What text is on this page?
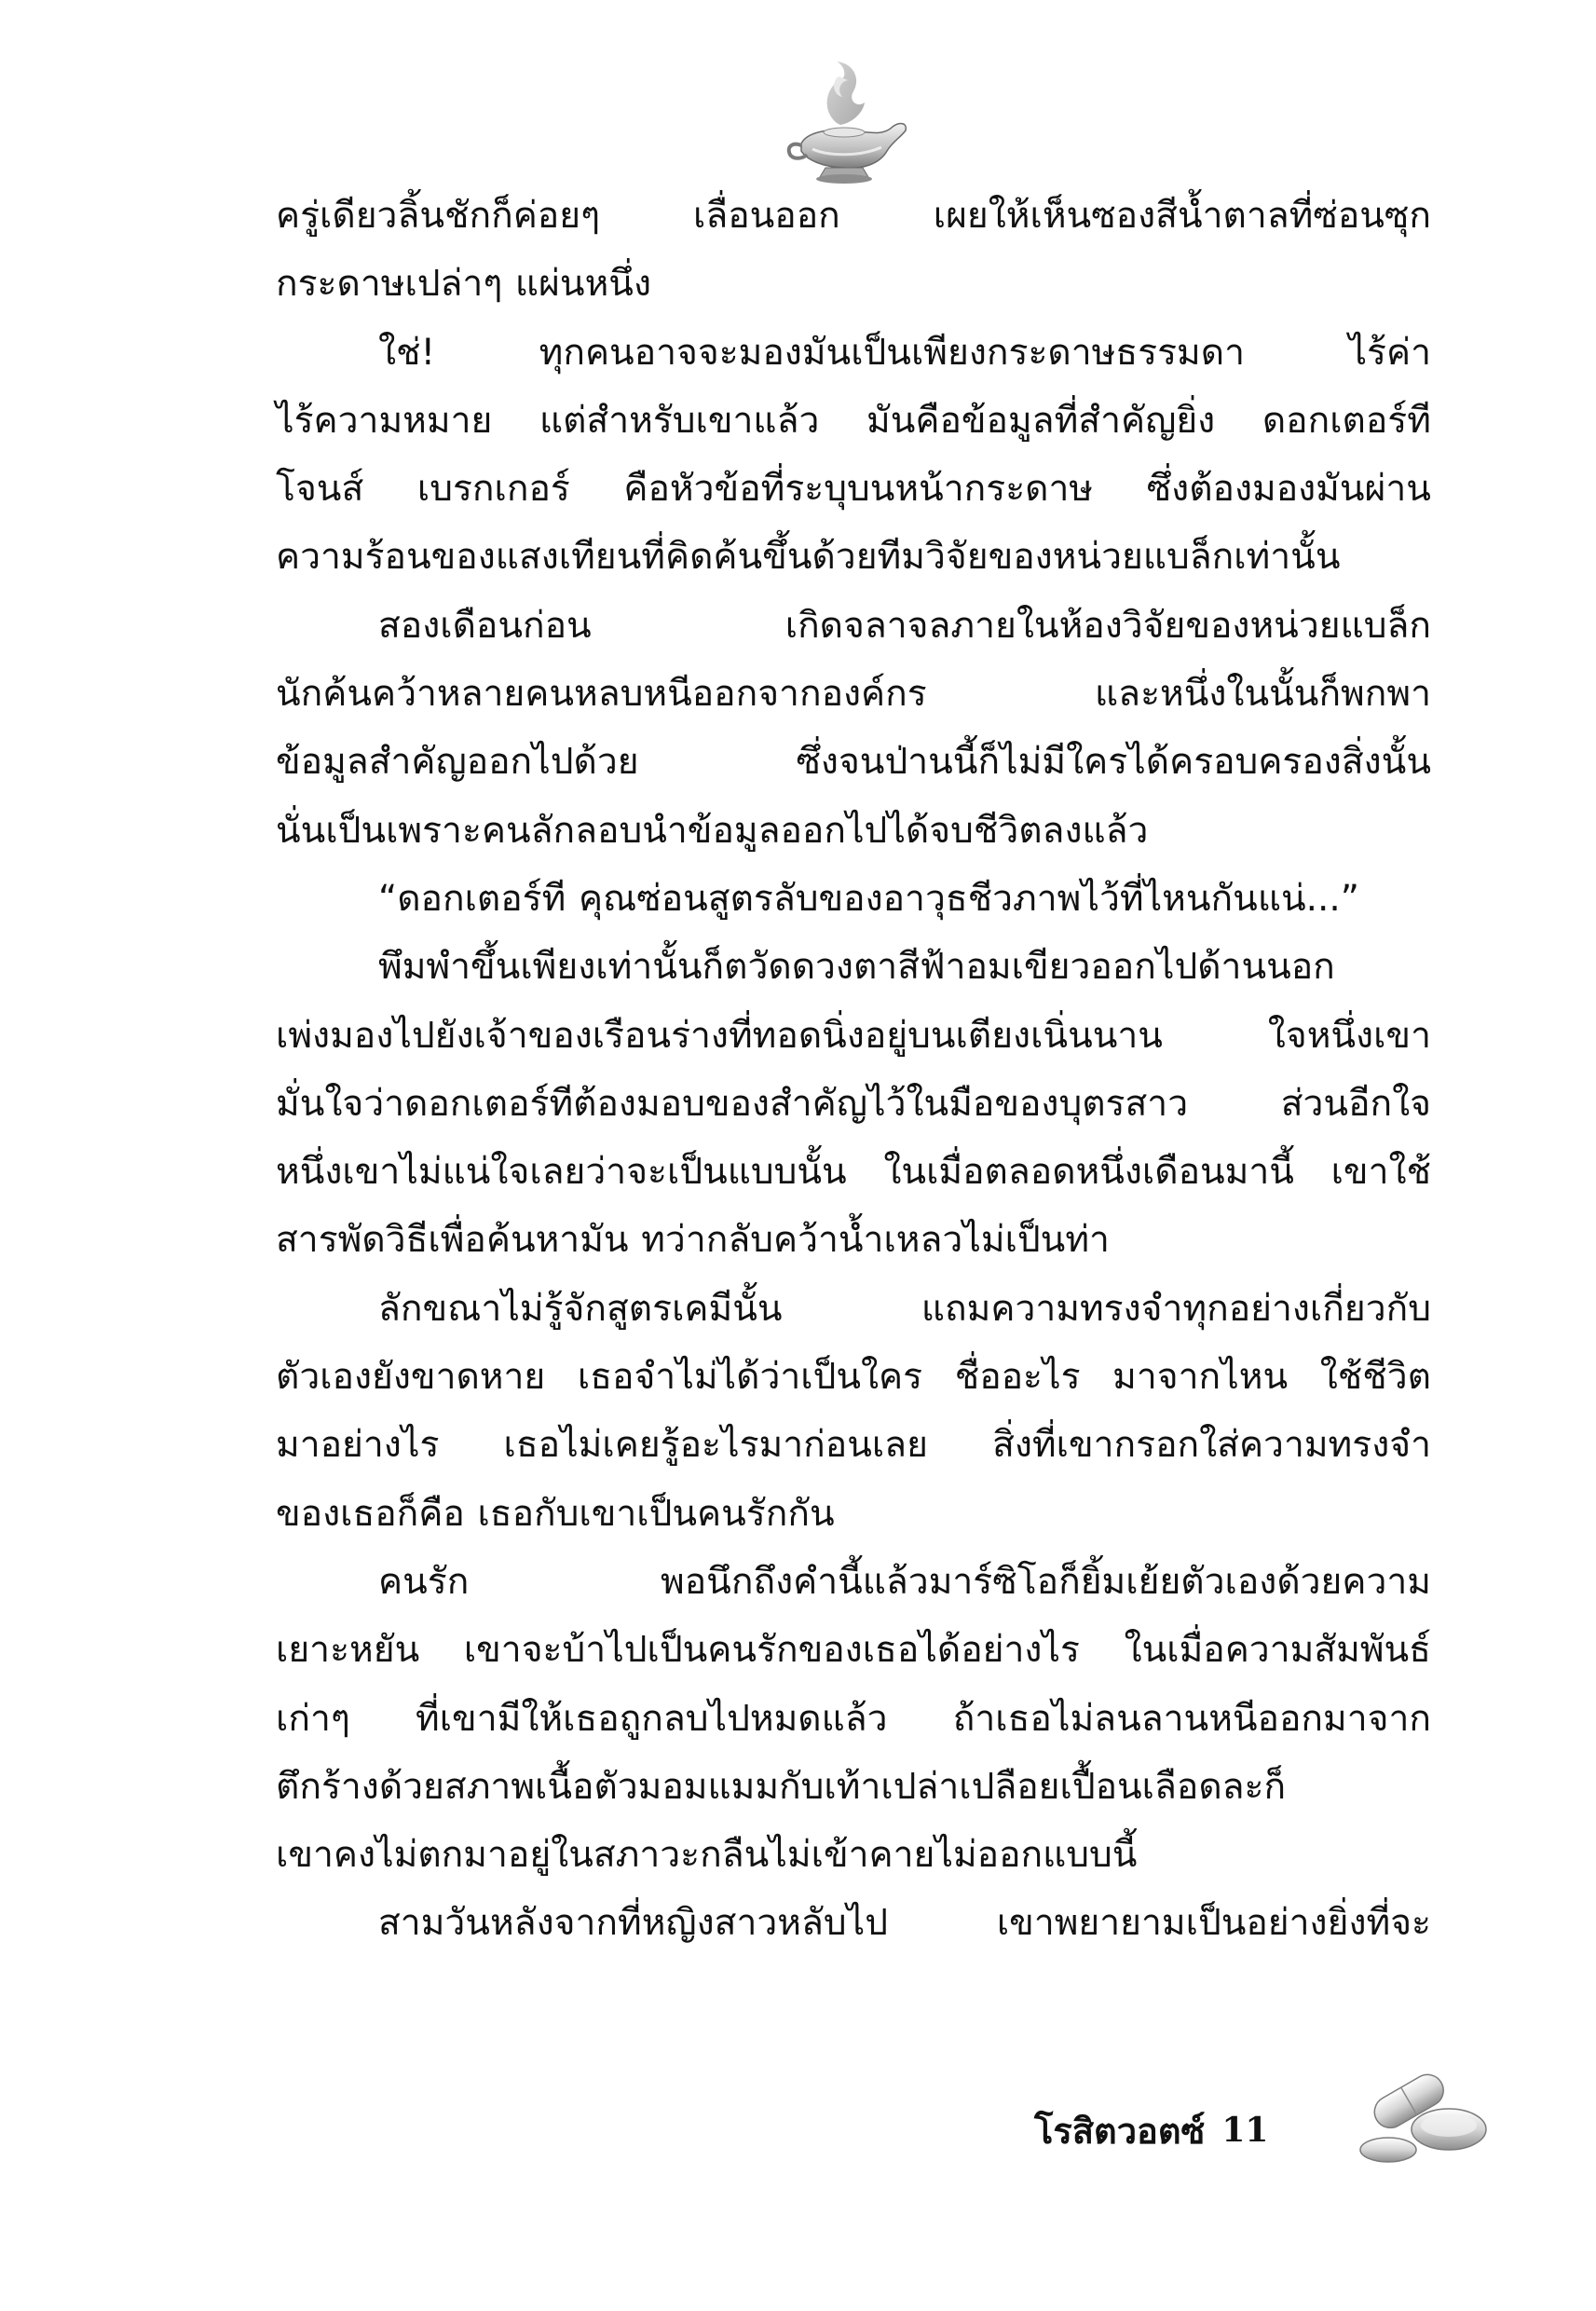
ครู่เดียวลิ้นชักก็ค่อยๆ	เลื่อนออก	เผยให้เห็นซองสีน้ำตาลที่ซ่อนซุก
กระดาษเปล่าๆ แผ่นหนึ่ง
ใช่!	ทุกคนอาจจะมองมันเป็นเพียงกระดาษธรรมดา	ไร้ค่า
ไร้ความหมาย แต่สำหรับเขาแล้ว มันคือข้อมูลที่สำคัญยิ่ง ดอกเตอร์ที
โจนส์ เบรกเกอร์ คือหัวข้อที่ระบุบนหน้ากระดาษ ซึ่งต้องมองมันผ่าน
ความร้อนของแสงเทียนที่คิดค้นขึ้นด้วยทีมวิจัยของหน่วยแบล็กเท่านั้น
สองเดือนก่อน	เกิดจลาจลภายในห้องวิจัยของหน่วยแบล็ก
นักค้นคว้าหลายคนหลบหนีออกจากองค์กร	และหนึ่งในนั้นก็พกพา
ข้อมูลสำคัญออกไปด้วย	ซึ่งจนป่านนี้ก็ไม่มีใครได้ครอบครองสิ่งนั้น
นั่นเป็นเพราะคนลักลอบนำข้อมูลออกไปได้จบชีวิตลงแล้ว
“ดอกเตอร์ที คุณซ่อนสูตรลับของอาวุธชีวภาพไว้ที่ไหนกันแน่...”
พึมพำขึ้นเพียงเท่านั้นก็ตวัดดวงตาสีฟ้าอมเขียวออกไปด้านนอก
เพ่งมองไปยังเจ้าของเรือนร่างที่ทอดนิ่งอยู่บนเตียงเนิ่นนาน	ใจหนึ่งเขา
มั่นใจว่าดอกเตอร์ทีต้องมอบของสำคัญไว้ในมือของบุตรสาว	ส่วนอีกใจ
หนึ่งเขาไม่แน่ใจเลยว่าจะเป็นแบบนั้น ในเมื่อตลอดหนึ่งเดือนมานี้ เขาใช้
สารพัดวิธีเพื่อค้นหามัน ทว่ากลับคว้าน้ำเหลวไม่เป็นท่า
ลักขณาไม่รู้จักสูตรเคมีนั้น	แถมความทรงจำทุกอย่างเกี่ยวกับ
ตัวเองยังขาดหาย เธอจำไม่ได้ว่าเป็นใคร ชื่ออะไร มาจากไหน ใช้ชีวิต
มาอย่างไร เธอไม่เคยรู้อะไรมาก่อนเลย สิ่งที่เขากรอกใส่ความทรงจำ
ของเธอก็คือ เธอกับเขาเป็นคนรักกัน
คนรัก	พอนึกถึงคำนี้แล้วมาร์ซิโอก็ยิ้มเย้ยตัวเองด้วยความ
เยาะหยัน เขาจะบ้าไปเป็นคนรักของเธอได้อย่างไร ในเมื่อความสัมพันธ์
เก่าๆ ที่เขามีให้เธอถูกลบไปหมดแล้ว ถ้าเธอไม่ลนลานหนีออกมาจาก
ตึกร้างด้วยสภาพเนื้อตัวมอมแมมกับเท้าเปล่าเปลือยเปื้อนเลือดละก็
เขาคงไม่ตกมาอยู่ในสภาวะกลืนไม่เข้าคายไม่ออกแบบนี้
สามวันหลังจากที่หญิงสาวหลับไป	เขาพยายามเป็นอย่างยิ่งที่จะ
โรสิตวอตซ์ 11
